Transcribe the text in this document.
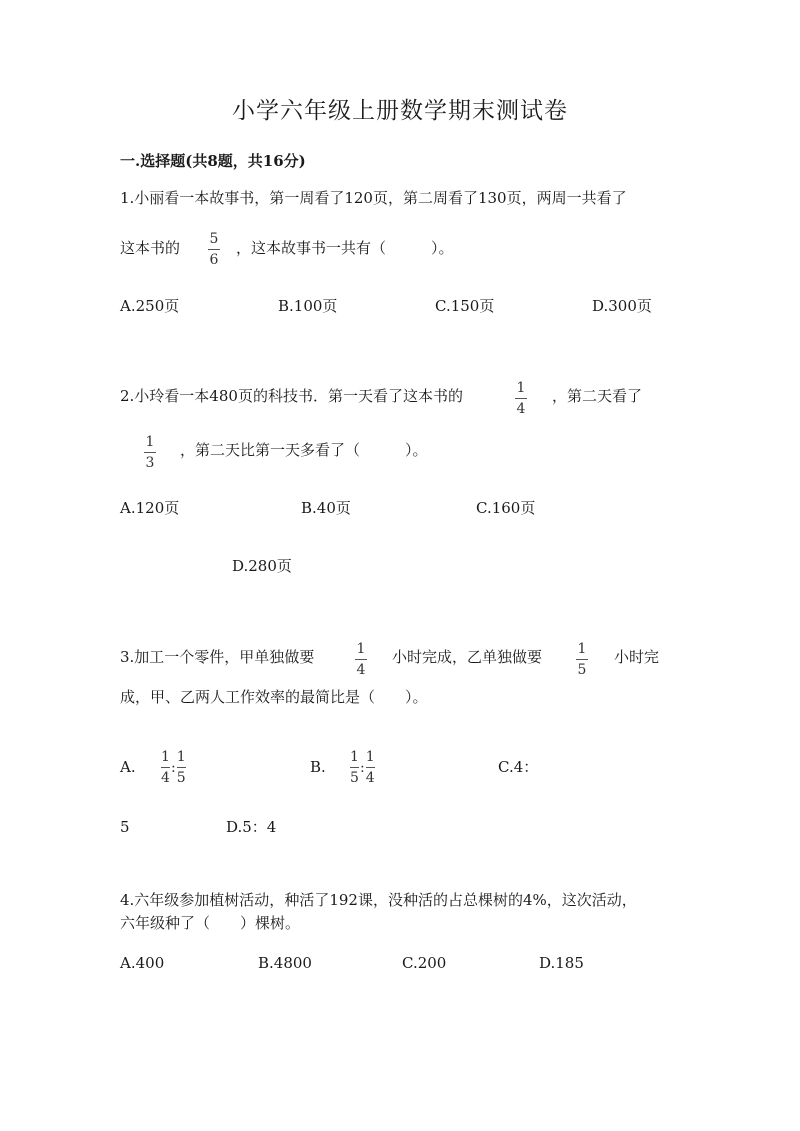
小学六年级上册数学期末测试卷
一.选择题(共8题，共16分)
1.小丽看一本故事书，第一周看了120页，第二周看了130页，两周一共看了
这本书的 5
6
，这本故事书一共有（　　　）。
A.250页	B.100页	C.150页	D.300页
2.小玲看一本480页的科技书．第一天看了这本书的	1
4
，第二天看了
1
3
，第二天比第一天多看了（　　　）。
A.120页	B.40页	C.160页
D.280页
3.加工一个零件，甲单独做要	1
4
小时完成，乙单独做要	1
5
小时完
成，甲、乙两人工作效率的最简比是（　　）。
A. $\frac{1}{4}$ : $\frac{1}{5}$	B. $\frac{1}{5}$ : $\frac{1}{4}$	C.4：
5	D.5：4
4.六年级参加植树活动，种活了192课，没种活的占总棵树的4%，这次活动，
六年级种了（　　）棵树。
A.400	B.4800	C.200	D.185
